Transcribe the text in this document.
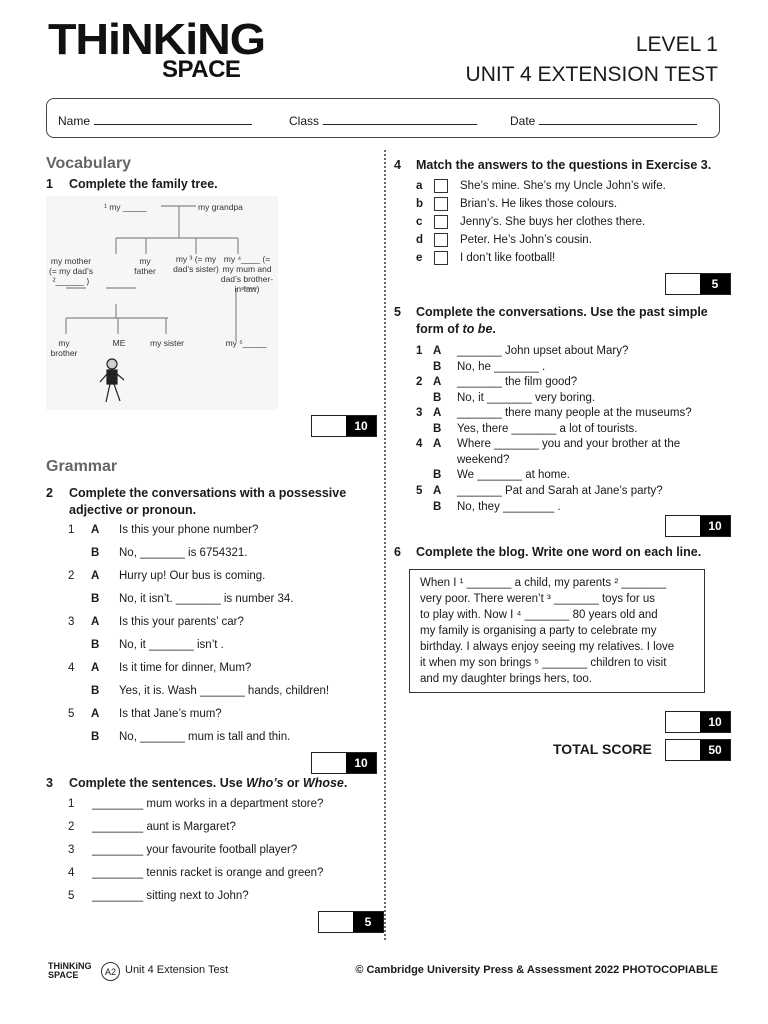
THiNKiNG
SPACE
LEVEL 1
UNIT 4 EXTENSION TEST
Name	Class	Date
Vocabulary
1 Complete the family tree.
¹ my _____	my grandpa
my mother (= my dad’s ²______ )
my father
my ³ (= my dad’s sister)
my ⁴____ (= my mum and dad’s brother-in-law)
my brother
ME	my sister	my ⁵_____
10
Grammar
2 Complete the conversations with a possessive adjective or pronoun.
1 A Is this your phone number?
B No, _______ is 6754321.
2 A Hurry up! Our bus is coming.
B No, it isn’t. _______ is number 34.
3 A Is this your parents’ car?
B No, it _______ isn’t .
4 A Is it time for dinner, Mum?
B Yes, it is. Wash _______ hands, children!
5 A Is that Jane’s mum?
B No, _______ mum is tall and thin.
10
3 Complete the sentences. Use Who’s or Whose.
1 ________ mum works in a department store?
2 ________ aunt is Margaret?
3 ________ your favourite football player?
4 ________ tennis racket is orange and green?
5 ________ sitting next to John?
5
4 Match the answers to the questions in Exercise 3.
a	She’s mine. She’s my Uncle John’s wife.
b	Brian’s. He likes those colours.
c	Jenny’s. She buys her clothes there.
d	Peter. He’s John’s cousin.
e	I don’t like football!
5
5 Complete the conversations. Use the past simple form of to be.
1 A _______ John upset about Mary?
B No, he _______ .
2 A _______ the film good?
B No, it _______ very boring.
3 A _______ there many people at the museums?
B Yes, there _______ a lot of tourists.
4 A Where _______ you and your brother at the weekend?
B We _______ at home.
5 A _______ Pat and Sarah at Jane’s party?
B No, they ________ .
10
6 Complete the blog. Write one word on each line.
When I ¹ _______ a child, my parents ² _______
very poor. There weren’t ³ _______ toys for us
to play with. Now I ⁴ _______ 80 years old and
my family is organising a party to celebrate my
birthday. I always enjoy seeing my relatives. I love
it when my son brings ⁵ _______ children to visit
and my daughter brings hers, too.
10
TOTAL SCORE	50
THiNKiNG SPACE	A2 Unit 4 Extension Test	© Cambridge University Press & Assessment 2022 PHOTOCOPIABLE
